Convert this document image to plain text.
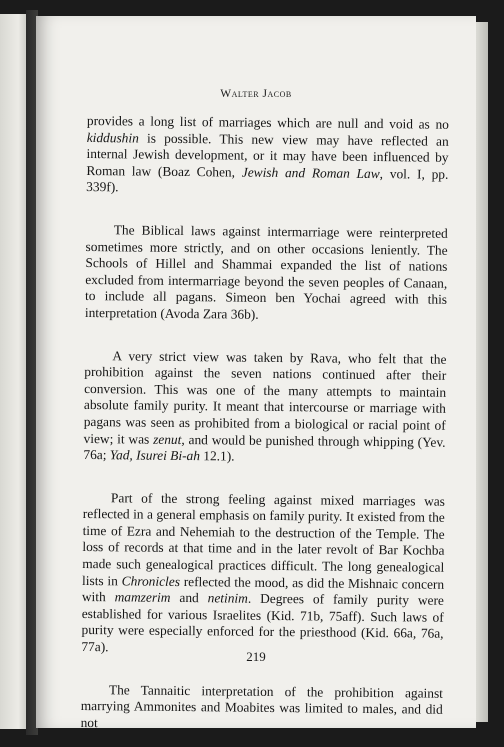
Walter Jacob

provides a long list of marriages which are null and void as no kiddushin is possible. This new view may have reflected an internal Jewish development, or it may have been influenced by Roman law (Boaz Cohen, Jewish and Roman Law, vol. I, pp. 339f).

The Biblical laws against intermarriage were reinterpreted sometimes more strictly, and on other occasions leniently. The Schools of Hillel and Shammai expanded the list of nations excluded from intermarriage beyond the seven peoples of Canaan, to include all pagans. Simeon ben Yochai agreed with this interpretation (Avoda Zara 36b).

A very strict view was taken by Rava, who felt that the prohibition against the seven nations continued after their conversion. This was one of the many attempts to maintain absolute family purity. It meant that intercourse or marriage with pagans was seen as prohibited from a biological or racial point of view; it was zenut, and would be punished through whipping (Yev. 76a; Yad, Isurei Bi-ah 12.1).

Part of the strong feeling against mixed marriages was reflected in a general emphasis on family purity. It existed from the time of Ezra and Nehemiah to the destruction of the Temple. The loss of records at that time and in the later revolt of Bar Kochba made such genealogical practices difficult. The long genealogical lists in Chronicles reflected the mood, as did the Mishnaic concern with mamzerim and netinim. Degrees of family purity were established for various Israelites (Kid. 71b, 75aff). Such laws of purity were especially enforced for the priesthood (Kid. 66a, 76a, 77a).

The Tannaitic interpretation of the prohibition against marrying Ammonites and Moabites was limited to males, and did not

219
